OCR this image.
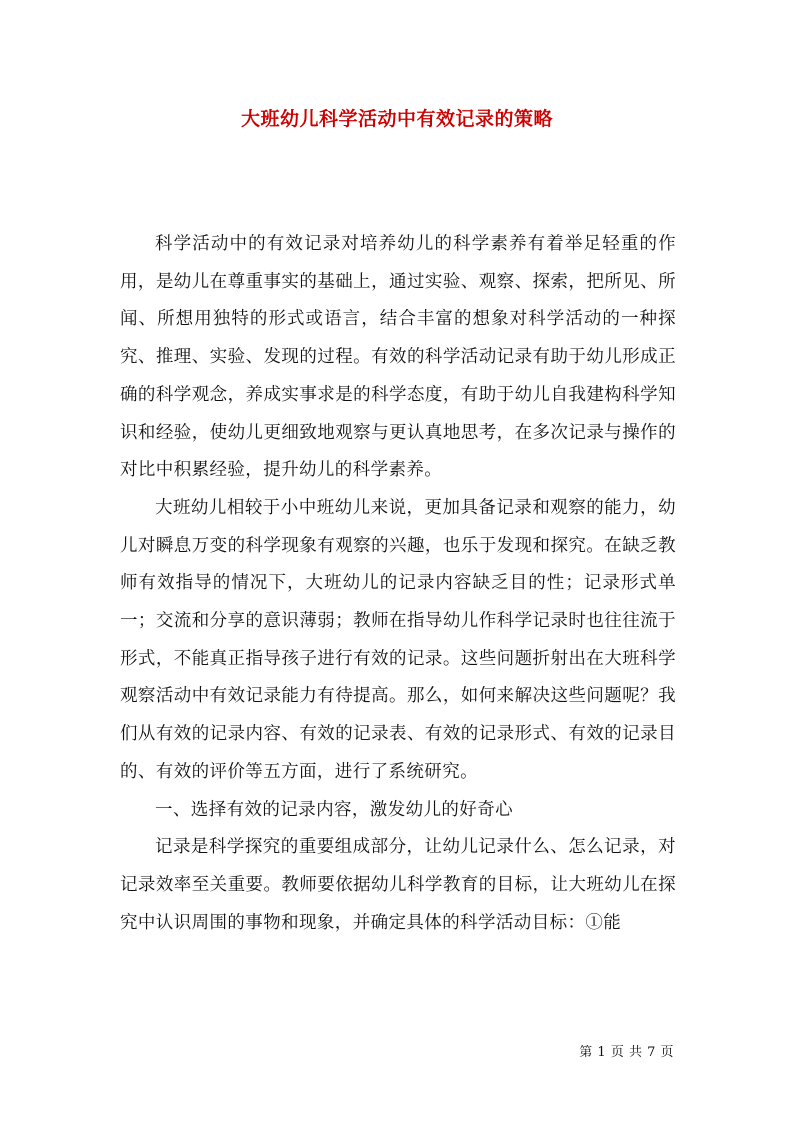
大班幼儿科学活动中有效记录的策略

科学活动中的有效记录对培养幼儿的科学素养有着举足轻重的作用，是幼儿在尊重事实的基础上，通过实验、观察、探索，把所见、所闻、所想用独特的形式或语言，结合丰富的想象对科学活动的一种探究、推理、实验、发现的过程。有效的科学活动记录有助于幼儿形成正确的科学观念，养成实事求是的科学态度，有助于幼儿自我建构科学知识和经验，使幼儿更细致地观察与更认真地思考，在多次记录与操作的对比中积累经验，提升幼儿的科学素养。

大班幼儿相较于小中班幼儿来说，更加具备记录和观察的能力，幼儿对瞬息万变的科学现象有观察的兴趣，也乐于发现和探究。在缺乏教师有效指导的情况下，大班幼儿的记录内容缺乏目的性；记录形式单一；交流和分享的意识薄弱；教师在指导幼儿作科学记录时也往往流于形式，不能真正指导孩子进行有效的记录。这些问题折射出在大班科学观察活动中有效记录能力有待提高。那么，如何来解决这些问题呢？我们从有效的记录内容、有效的记录表、有效的记录形式、有效的记录目的、有效的评价等五方面，进行了系统研究。

一、选择有效的记录内容，激发幼儿的好奇心

记录是科学探究的重要组成部分，让幼儿记录什么、怎么记录，对记录效率至关重要。教师要依据幼儿科学教育的目标，让大班幼儿在探究中认识周围的事物和现象，并确定具体的科学活动目标：①能

第 1 页 共 7 页
